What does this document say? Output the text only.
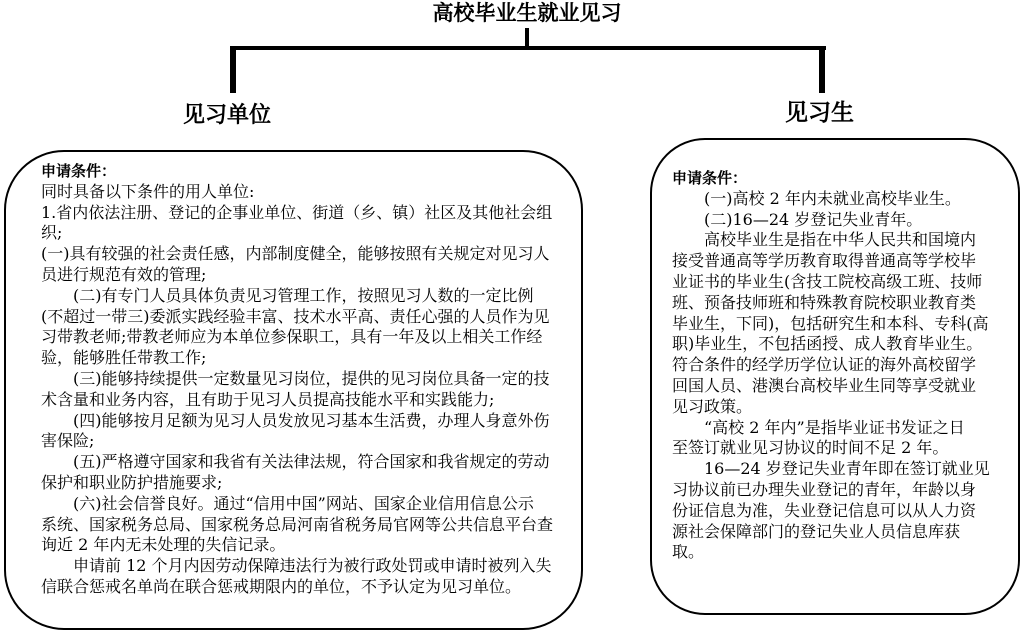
高校毕业生就业见习
见习单位	见习生
申请条件：
同时具备以下条件的用人单位:
1.省内依法注册、登记的企事业单位、街道（乡、镇）社区及其他社会组
织;
(一)具有较强的社会责任感，内部制度健全，能够按照有关规定对见习人
员进行规范有效的管理;
(二)有专门人员具体负责见习管理工作，按照见习人数的一定比例
(不超过一带三)委派实践经验丰富、技术水平高、责任心强的人员作为见
习带教老师;带教老师应为本单位参保职工，具有一年及以上相关工作经
验，能够胜任带教工作;
(三)能够持续提供一定数量见习岗位，提供的见习岗位具备一定的技
术含量和业务内容，且有助于见习人员提高技能水平和实践能力;
(四)能够按月足额为见习人员发放见习基本生活费，办理人身意外伤
害保险;
(五)严格遵守国家和我省有关法律法规，符合国家和我省规定的劳动
保护和职业防护措施要求;
(六)社会信誉良好。通过“信用中国”网站、国家企业信用信息公示
系统、国家税务总局、国家税务总局河南省税务局官网等公共信息平台查
询近 2 年内无未处理的失信记录。
申请前 12 个月内因劳动保障违法行为被行政处罚或申请时被列入失
信联合惩戒名单尚在联合惩戒期限内的单位，不予认定为见习单位。
申请条件：
(一)高校 2 年内未就业高校毕业生。
(二)16—24 岁登记失业青年。
高校毕业生是指在中华人民共和国境内
接受普通高等学历教育取得普通高等学校毕
业证书的毕业生(含技工院校高级工班、技师
班、预备技师班和特殊教育院校职业教育类
毕业生，下同)，包括研究生和本科、专科(高
职)毕业生，不包括函授、成人教育毕业生。
符合条件的经学历学位认证的海外高校留学
回国人员、港澳台高校毕业生同等享受就业
见习政策。
“高校 2 年内”是指毕业证书发证之日
至签订就业见习协议的时间不足 2 年。
16—24 岁登记失业青年即在签订就业见
习协议前已办理失业登记的青年，年龄以身
份证信息为准，失业登记信息可以从人力资
源社会保障部门的登记失业人员信息库获
取。
